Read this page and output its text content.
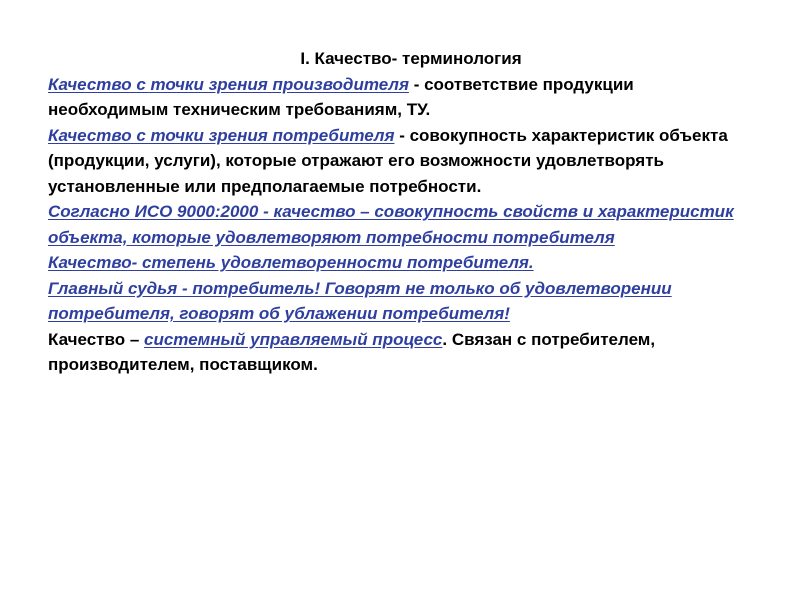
I. Качество- терминология

Качество с точки зрения производителя - соответствие продукции необходимым техническим требованиям, ТУ.

Качество с точки зрения потребителя - совокупность характеристик объекта (продукции, услуги), которые отражают его возможности удовлетворять установленные или предполагаемые потребности.

Согласно ИСО 9000:2000 - качество – совокупность свойств и характеристик объекта, которые удовлетворяют потребности потребителя

Качество- степень удовлетворенности потребителя.

Главный судья - потребитель! Говорят не только об удовлетворении потребителя, говорят об ублажении потребителя!

Качество – системный управляемый процесс. Связан с потребителем, производителем, поставщиком.
